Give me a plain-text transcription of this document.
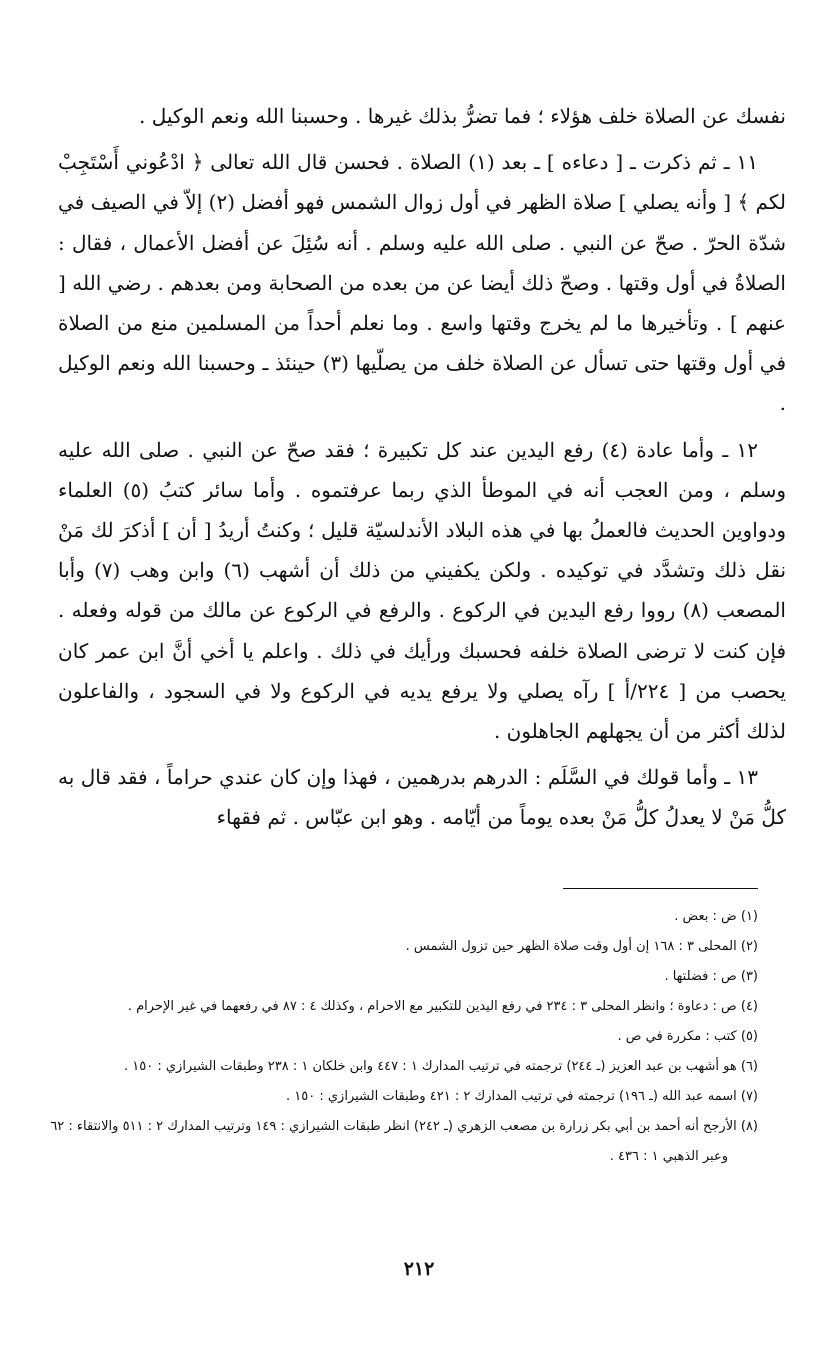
نفسك عن الصلاة خلف هؤلاء ؛ فما تضرُّ بذلك غيرها . وحسبنا الله ونعم الوكيل .

١١ ـ ثم ذكرت ـ [ دعاءه ] ـ بعد (١) الصلاة . فحسن قال الله تعالى ﴿ ادْعُوني أَسْتَجِبْ لكم ﴾ [ وأنه يصلي ] صلاة الظهر في أول زوال الشمس فهو أفضل (٢) إلاّ في الصيف في شدّة الحرّ . صحّ عن النبي . صلى الله عليه وسلم . أنه سُئِلَ عن أفضل الأعمال ، فقال : الصلاةُ في أول وقتها . وصحّ ذلك أيضا عن من بعده من الصحابة ومن بعدهم . رضي الله [ عنهم ] . وتأخيرها ما لم يخرج وقتها واسع . وما نعلم أحداً من المسلمين منع من الصلاة في أول وقتها حتى تسأل عن الصلاة خلف من يصلّيها (٣) حينئذ ـ وحسبنا الله ونعم الوكيل .

١٢ ـ وأما عادة (٤) رفع اليدين عند كل تكبيرة ؛ فقد صحّ عن النبي . صلى الله عليه وسلم ، ومن العجب أنه في الموطأ الذي ربما عرفتموه . وأما سائر كتبُ (٥) العلماء ودواوين الحديث فالعملُ بها في هذه البلاد الأندلسيّة قليل ؛ وكنتُ أريدُ [ أن ] أذكرَ لك مَنْ نقل ذلك وتشدَّد في توكيده . ولكن يكفيني من ذلك أن أشهب (٦) وابن وهب (٧) وأبا المصعب (٨) رووا رفع اليدين في الركوع . والرفع في الركوع عن مالك من قوله وفعله . فإن كنت لا ترضى الصلاة خلفه فحسبك ورأيك في ذلك . واعلم يا أخي أنَّ ابن عمر كان يحصب من [ ٢٢٤/أ ] رآه يصلي ولا يرفع يديه في الركوع ولا في السجود ، والفاعلون لذلك أكثر من أن يجهلهم الجاهلون .

١٣ ـ وأما قولك في السَّلَم : الدرهم بدرهمين ، فهذا وإن كان عندي حراماً ، فقد قال به كلُّ مَنْ لا يعدلُ كلُّ مَنْ بعده يوماً من أيّامه . وهو ابن عبّاس . ثم فقهاء

(١) ض : بعض .

(٢) المحلى ٣ : ١٦٨ إن أول وقت صلاة الظهر حين تزول الشمس .

(٣) ص : فضلتها .

(٤) ص : دعاوة ؛ وانظر المحلى ٣ : ٢٣٤ في رفع اليدين للتكبير مع الاحرام ، وكذلك ٤ : ٨٧ في رفعهما في غير الإحرام .

(٥) كتب : مكررة في ص .

(٦) هو أشهب بن عبد العزيز (ـ ٢٤٤) ترجمته في ترتيب المدارك ١ : ٤٤٧ وابن خلكان ١ : ٢٣٨ وطبقات الشيرازي : ١٥٠ .

(٧) اسمه عبد الله (ـ ١٩٦) ترجمته في ترتيب المدارك ٢ : ٤٢١ وطبقات الشيرازي : ١٥٠ .

(٨) الأرجح أنه أحمد بن أبي بكر زرارة بن مصعب الزهري (ـ ٢٤٢) انظر طبقات الشيرازي : ١٤٩ وترتيب المدارك ٢ : ٥١١ والانتقاء : ٦٢ وعبر الذهبي ١ : ٤٣٦ .

٢١٢
